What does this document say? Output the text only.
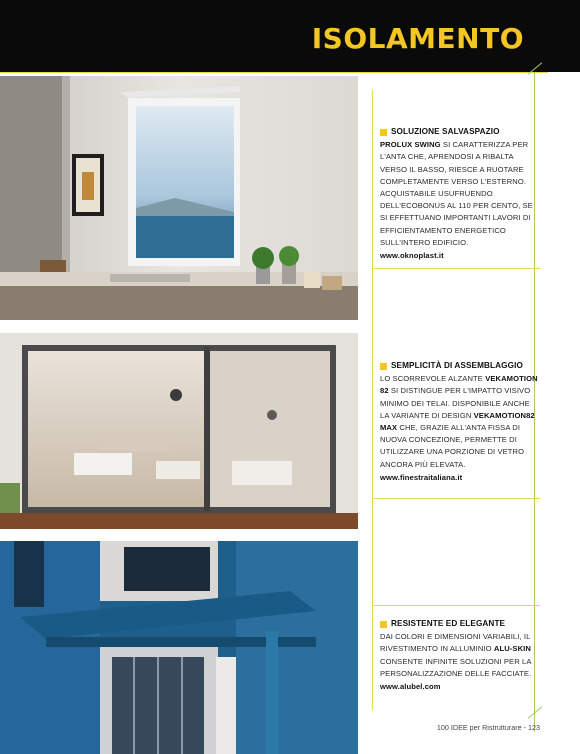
ISOLAMENTO
SOLUZIONE SALVASPAZIO

PROLUX SWING SI CARATTERIZZA PER L'ANTA CHE, APRENDOSI A RIBALTA VERSO IL BASSO, RIESCE A RUOTARE COMPLETAMENTE VERSO L'ESTERNO. ACQUISTABILE USUFRUENDO DELL'ECOBONUS AL 110 PER CENTO, SE SI EFFETTUANO IMPORTANTI LAVORI DI EFFICIENTAMENTO ENERGETICO SULL'INTERO EDIFICIO.

www.oknoplast.it
SEMPLICITÀ DI ASSEMBLAGGIO

LO SCORREVOLE ALZANTE VEKAMOTION 82 SI DISTINGUE PER L'IMPATTO VISIVO MINIMO DEI TELAI. DISPONIBILE ANCHE LA VARIANTE DI DESIGN VEKAMOTION82 MAX CHE, GRAZIE ALL'ANTA FISSA DI NUOVA CONCEZIONE, PERMETTE DI UTILIZZARE UNA PORZIONE DI VETRO ANCORA PIÙ ELEVATA.

www.finestraitaliana.it
RESISTENTE ED ELEGANTE

DAI COLORI E DIMENSIONI VARIABILI, IL RIVESTIMENTO IN ALLUMINIO ALU-SKIN CONSENTE INFINITE SOLUZIONI PER LA PERSONALIZZAZIONE DELLE FACCIATE.

www.alubel.com
100 IDEE per Ristrutturare - 123
